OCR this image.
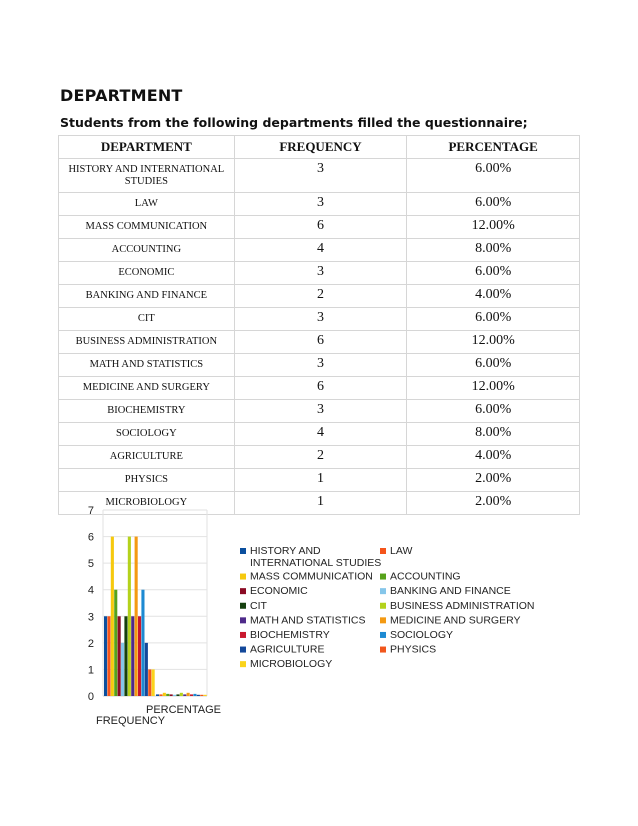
DEPARTMENT
Students from the following departments filled the questionnaire;
DEPARTMENT	FREQUENCY	PERCENTAGE
HISTORY AND INTERNATIONAL STUDIES	3	6.00%
LAW	3	6.00%
MASS COMMUNICATION	6	12.00%
ACCOUNTING	4	8.00%
ECONOMIC	3	6.00%
BANKING AND FINANCE	2	4.00%
CIT	3	6.00%
BUSINESS ADMINISTRATION	6	12.00%
MATH AND STATISTICS	3	6.00%
MEDICINE AND SURGERY	6	12.00%
BIOCHEMISTRY	3	6.00%
SOCIOLOGY	4	8.00%
AGRICULTURE	2	4.00%
PHYSICS	1	2.00%
MICROBIOLOGY	1	2.00%
0
1
2
3
4
5
6
7
FREQUENCY
PERCENTAGE
HISTORY AND
INTERNATIONAL STUDIES
LAW
MASS COMMUNICATION ACCOUNTING
ECONOMIC	BANKING AND FINANCE
CIT	BUSINESS ADMINISTRATION
MATH AND STATISTICS MEDICINE AND SURGERY
BIOCHEMISTRY	SOCIOLOGY
AGRICULTURE	PHYSICS
MICROBIOLOGY
